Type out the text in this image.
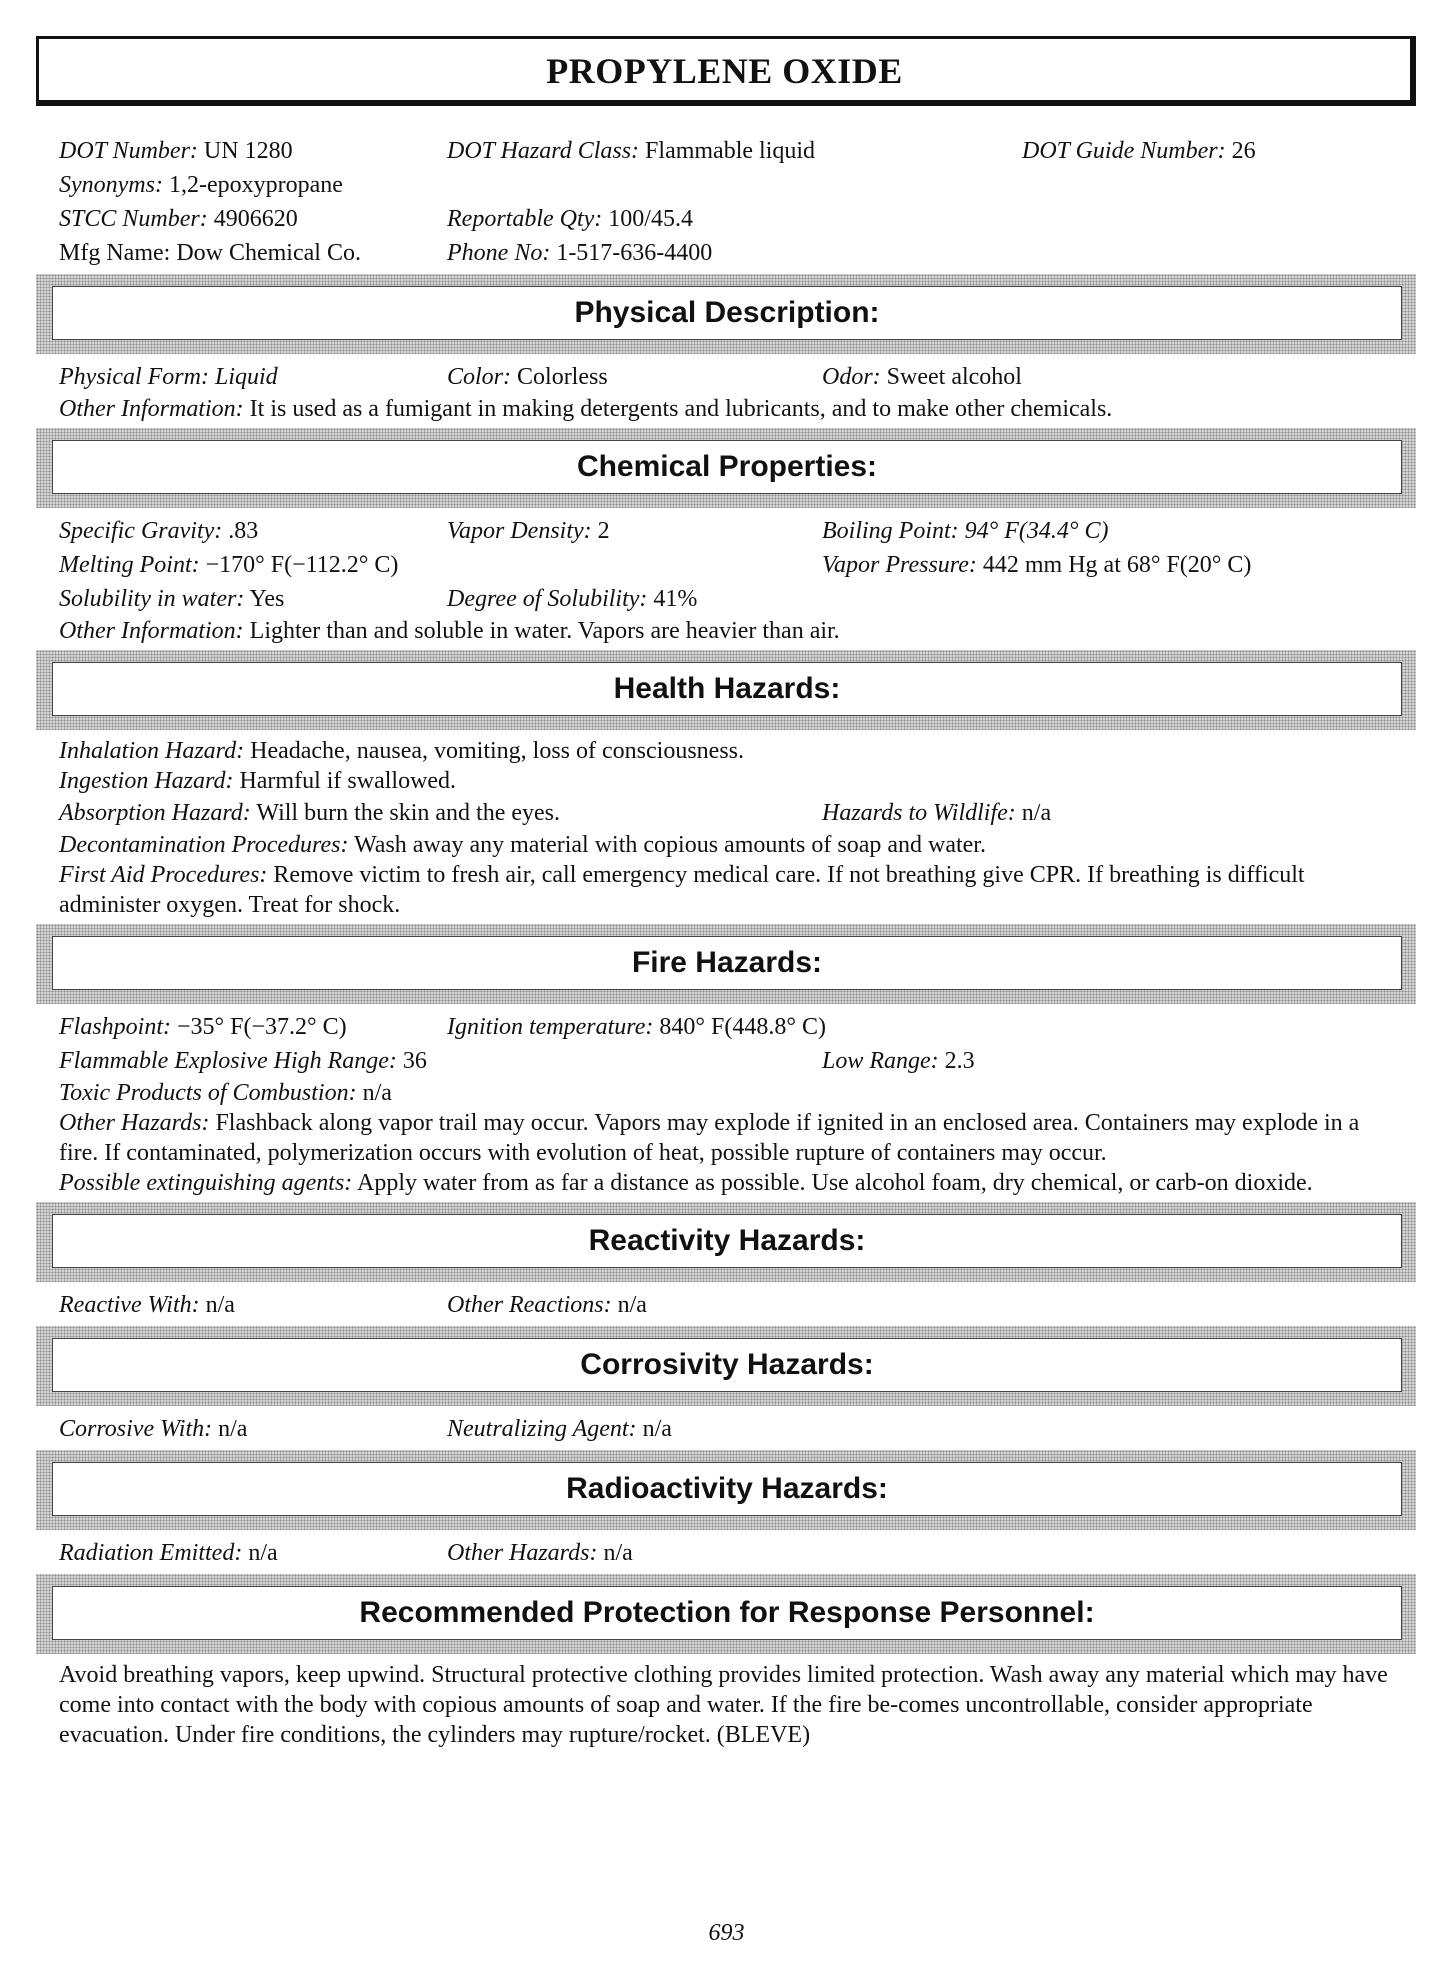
PROPYLENE OXIDE
DOT Number: UN 1280	DOT Hazard Class: Flammable liquid	DOT Guide Number: 26
Synonyms: 1,2-epoxypropane
STCC Number: 4906620	Reportable Qty: 100/45.4
Mfg Name: Dow Chemical Co.	Phone No: 1-517-636-4400
Physical Description:
Physical Form: Liquid	Color: Colorless	Odor: Sweet alcohol
Other Information: It is used as a fumigant in making detergents and lubricants, and to make other chemicals.
Chemical Properties:
Specific Gravity: .83	Vapor Density: 2	Boiling Point: 94° F(34.4° C)
Melting Point: −170° F(−112.2° C)	Vapor Pressure: 442 mm Hg at 68° F(20° C)
Solubility in water: Yes	Degree of Solubility: 41%
Other Information: Lighter than and soluble in water. Vapors are heavier than air.
Health Hazards:
Inhalation Hazard: Headache, nausea, vomiting, loss of consciousness.
Ingestion Hazard: Harmful if swallowed.
Absorption Hazard: Will burn the skin and the eyes.	Hazards to Wildlife: n/a
Decontamination Procedures: Wash away any material with copious amounts of soap and water.
First Aid Procedures: Remove victim to fresh air, call emergency medical care. If not breathing give CPR. If breathing is difficult administer oxygen. Treat for shock.
Fire Hazards:
Flashpoint: −35° F(−37.2° C)	Ignition temperature: 840° F(448.8° C)
Flammable Explosive High Range: 36	Low Range: 2.3
Toxic Products of Combustion: n/a
Other Hazards: Flashback along vapor trail may occur. Vapors may explode if ignited in an enclosed area. Containers may explode in a fire. If contaminated, polymerization occurs with evolution of heat, possible rupture of containers may occur.
Possible extinguishing agents: Apply water from as far a distance as possible. Use alcohol foam, dry chemical, or carb-on dioxide.
Reactivity Hazards:
Reactive With: n/a	Other Reactions: n/a
Corrosivity Hazards:
Corrosive With: n/a	Neutralizing Agent: n/a
Radioactivity Hazards:
Radiation Emitted: n/a	Other Hazards: n/a
Recommended Protection for Response Personnel:
Avoid breathing vapors, keep upwind. Structural protective clothing provides limited protection. Wash away any material which may have come into contact with the body with copious amounts of soap and water. If the fire be-comes uncontrollable, consider appropriate evacuation. Under fire conditions, the cylinders may rupture/rocket. (BLEVE)
693
